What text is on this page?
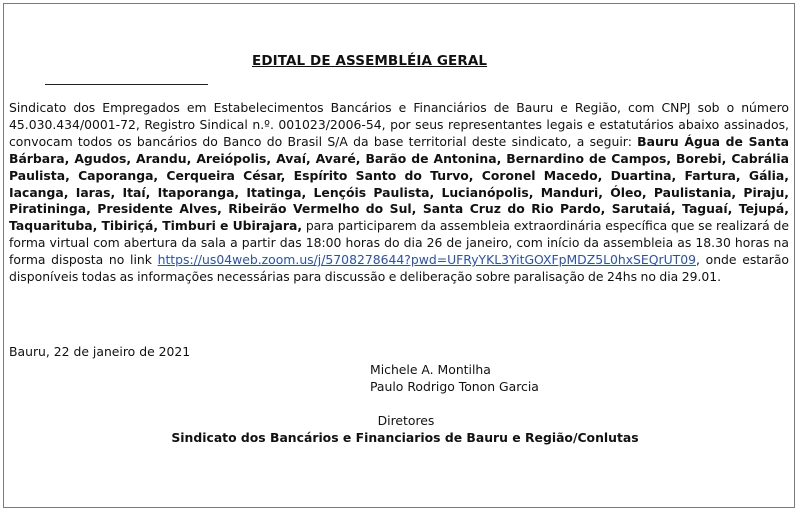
EDITAL DE ASSEMBLÉIA GERAL
Sindicato dos Empregados em Estabelecimentos Bancários e Financiários de Bauru e Região, com CNPJ sob o número 45.030.434/0001-72, Registro Sindical n.º. 001023/2006-54, por seus representantes legais e estatutários abaixo assinados, convocam todos os bancários do Banco do Brasil S/A da base territorial deste sindicato, a seguir: Bauru Água de Santa Bárbara, Agudos, Arandu, Areiópolis, Avaí, Avaré, Barão de Antonina, Bernardino de Campos, Borebi, Cabrália Paulista, Caporanga, Cerqueira César, Espírito Santo do Turvo, Coronel Macedo, Duartina, Fartura, Gália, Iacanga, Iaras, Itaí, Itaporanga, Itatinga, Lençóis Paulista, Lucianópolis, Manduri, Óleo, Paulistania, Piraju, Piratininga, Presidente Alves, Ribeirão Vermelho do Sul, Santa Cruz do Rio Pardo, Sarutaiá, Taguaí, Tejupá, Taquarituba, Tibiriçá, Timburi e Ubirajara, para participarem da assembleia extraordinária específica que se realizará de forma virtual com abertura da sala a partir das 18:00 horas do dia 26 de janeiro, com início da assembleia as 18.30 horas na forma disposta no link https://us04web.zoom.us/j/5708278644?pwd=UFRyYKL3YitGOXFpMDZ5L0hxSEQrUT09, onde estarão disponíveis todas as informações necessárias para discussão e deliberação sobre paralisação de 24hs no dia 29.01.
Bauru, 22 de janeiro de 2021
Michele A. Montilha
Paulo Rodrigo Tonon Garcia
Diretores
Sindicato dos Bancários e Financiarios de Bauru e Região/Conlutas
